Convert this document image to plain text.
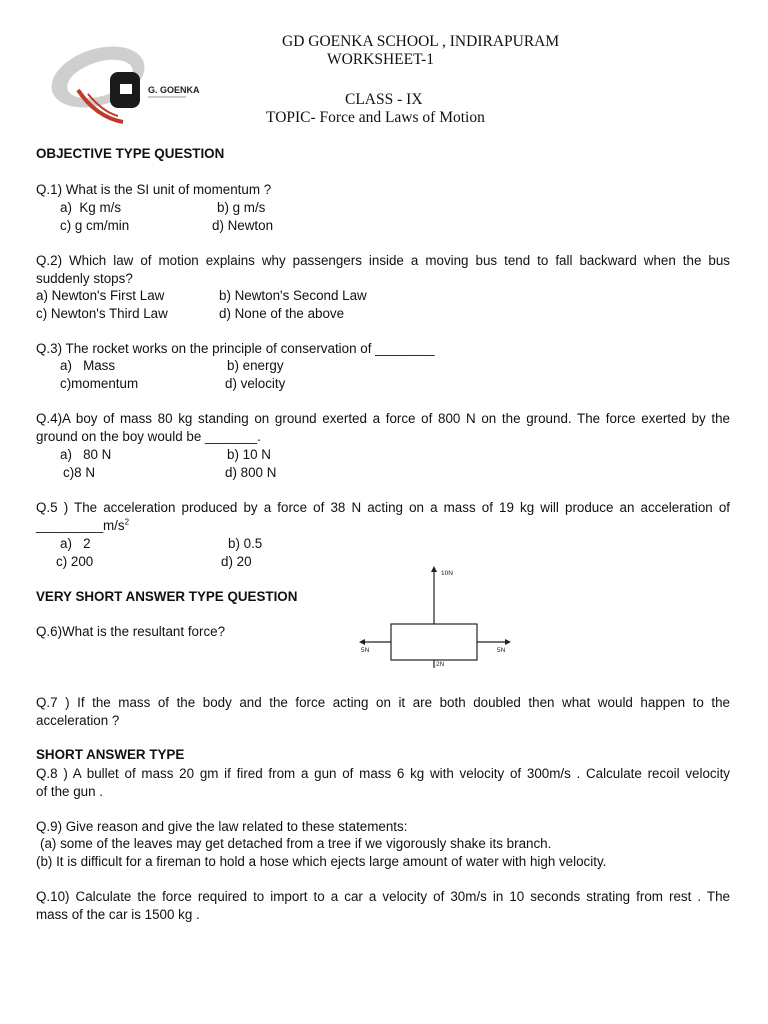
G. GOENKA
GD GOENKA SCHOOL , INDIRAPURAM
WORKSHEET-1
CLASS - IX
TOPIC- Force and Laws of Motion
OBJECTIVE TYPE QUESTION
Q.1) What is the SI unit of momentum ?
a)  Kg m/s	b) g m/s
c) g cm/min	d) Newton
Q.2) Which law of motion explains why passengers inside a moving bus tend to fall backward when the bus
suddenly stops?
a) Newton's First Law	b) Newton's Second Law
c) Newton's Third Law	d) None of the above
Q.3) The rocket works on the principle of conservation of ________
a)   Mass	b) energy
c)momentum	d) velocity
Q.4)A boy of mass 80 kg standing on ground exerted a force of 800 N on the ground. The force exerted by the
ground on the boy would be _______.
a)   80 N	b) 10 N
c)8 N	d) 800 N
Q.5 ) The acceleration produced by a force of 38 N acting on a mass of 19 kg will produce an acceleration of
$\_\_\_\_\_\_\_\_\_m/s^2$
a)   2	b) 0.5
c) 200	d) 20
VERY SHORT ANSWER TYPE QUESTION
Q.6)What is the resultant force?
10N
5N	5N
2N
Q.7 ) If the mass of the body and the force acting on it are both doubled then what would happen to the
acceleration ?
SHORT ANSWER TYPE
Q.8 ) A bullet of mass 20 gm if fired from a gun of mass 6 kg with velocity of 300m/s . Calculate recoil velocity
of the gun .
Q.9) Give reason and give the law related to these statements:
(a) some of the leaves may get detached from a tree if we vigorously shake its branch.
(b) It is difficult for a fireman to hold a hose which ejects large amount of water with high velocity.
Q.10) Calculate the force required to import to a car a velocity of 30m/s in 10 seconds strating from rest . The
mass of the car is 1500 kg .
